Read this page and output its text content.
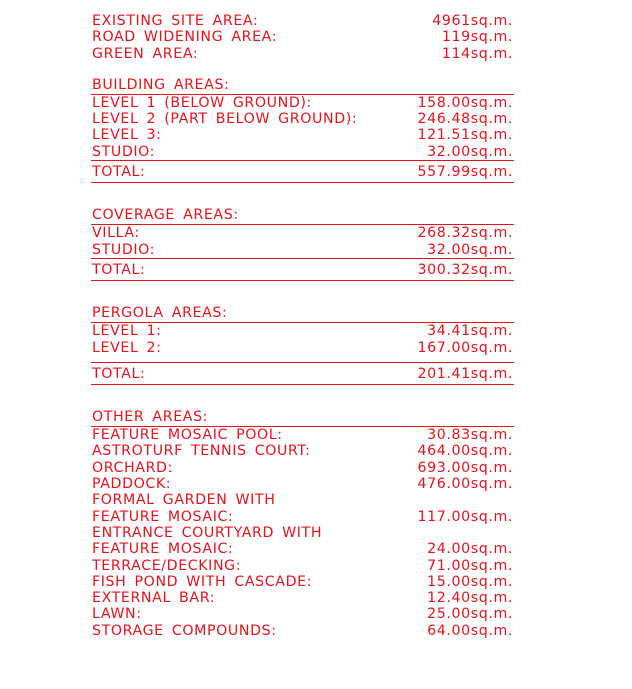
EXISTING SITE AREA:	4961sq.m.
ROAD WIDENING AREA:	119sq.m.
GREEN AREA:	114sq.m.
BUILDING AREAS:
LEVEL 1 (BELOW GROUND):	158.00sq.m.
LEVEL 2 (PART BELOW GROUND):	246.48sq.m.
LEVEL 3:	121.51sq.m.
STUDIO:	32.00sq.m.
TOTAL:	557.99sq.m.
COVERAGE AREAS:
VILLA:	268.32sq.m.
STUDIO:	32.00sq.m.
TOTAL:	300.32sq.m.
PERGOLA AREAS:
LEVEL 1:	34.41sq.m.
LEVEL 2:	167.00sq.m.
TOTAL:	201.41sq.m.
OTHER AREAS:
FEATURE MOSAIC POOL:	30.83sq.m.
ASTROTURF TENNIS COURT:	464.00sq.m.
ORCHARD:	693.00sq.m.
PADDOCK:	476.00sq.m.
FORMAL GARDEN WITH
FEATURE MOSAIC:	117.00sq.m.
ENTRANCE COURTYARD WITH
FEATURE MOSAIC:	24.00sq.m.
TERRACE/DECKING:	71.00sq.m.
FISH POND WITH CASCADE:	15.00sq.m.
EXTERNAL BAR:	12.40sq.m.
LAWN:	25.00sq.m.
STORAGE COMPOUNDS:	64.00sq.m.
